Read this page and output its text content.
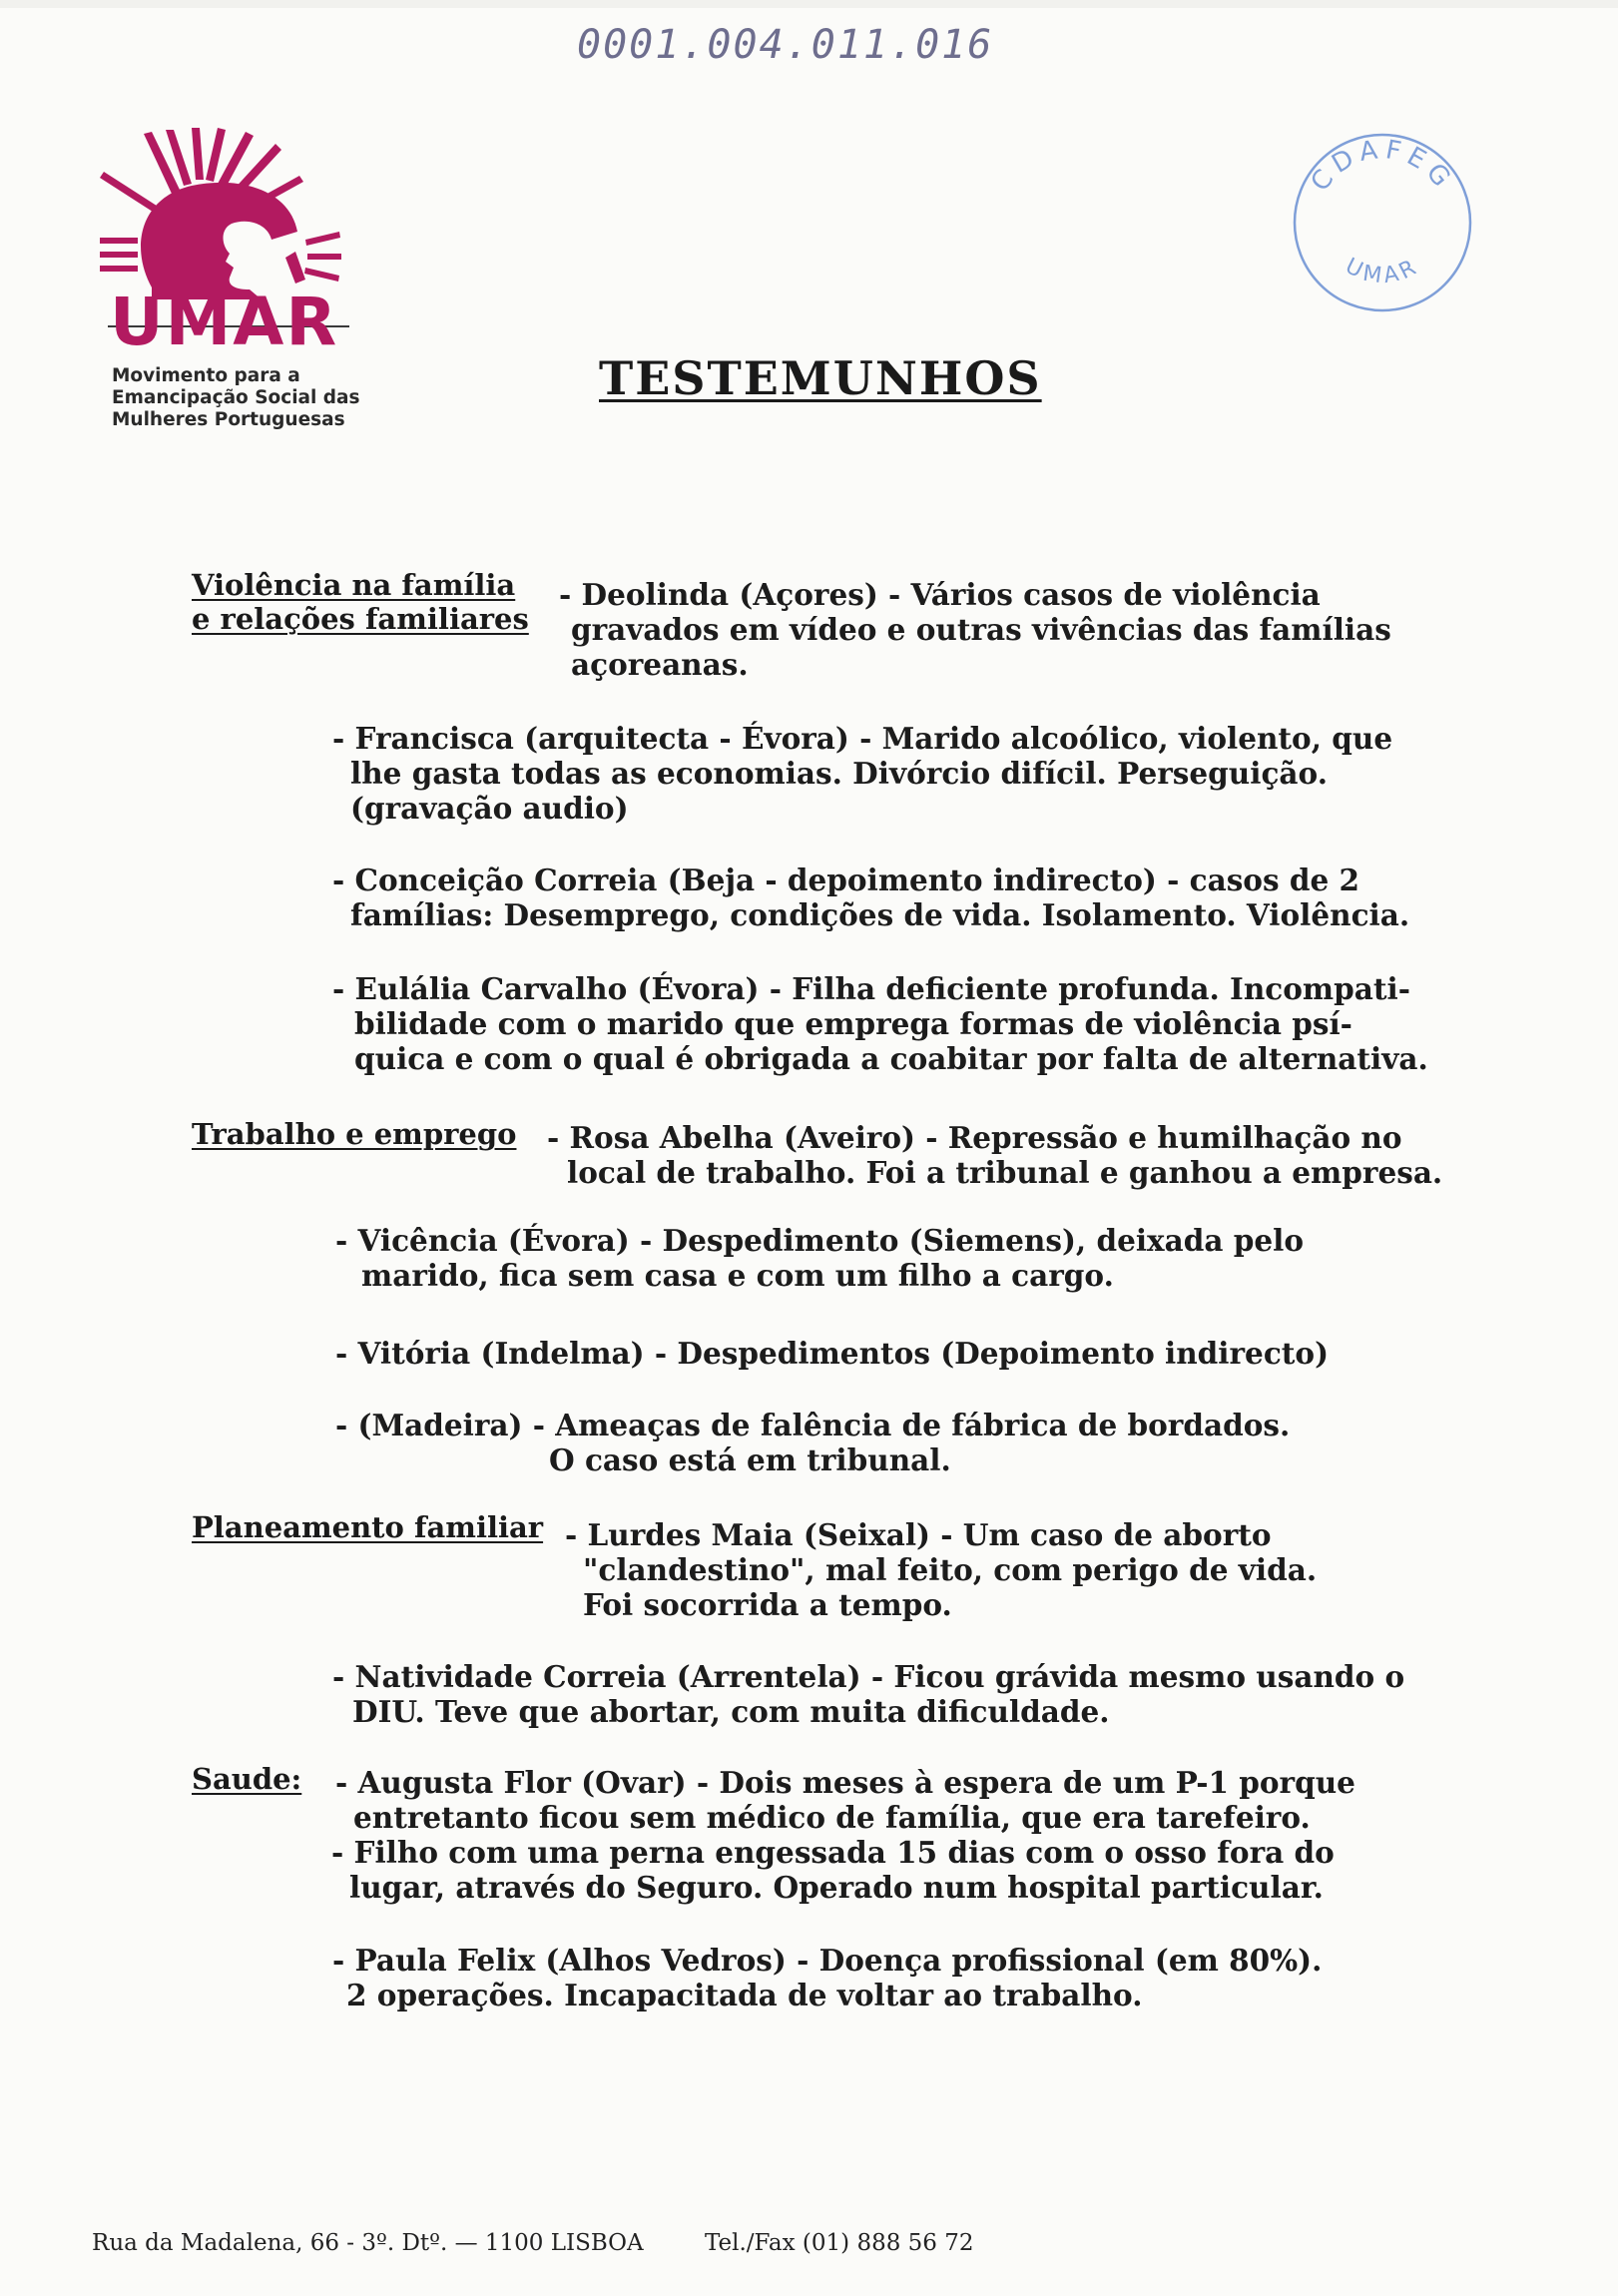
0001.004.011.016
UMAR
Movimento para a
Emancipação Social das
Mulheres Portuguesas
CDAFEG
UMAR
TESTEMUNHOS
Violência na família
e relações familiares
Trabalho e emprego
Planeamento familiar
Saude:
- Deolinda (Açores) - Vários casos de violência
gravados em vídeo e outras vivências das famílias
açoreanas.
- Francisca (arquitecta - Évora) - Marido alcoólico, violento, que
lhe gasta todas as economias. Divórcio difícil. Perseguição.
(gravação audio)
- Conceição Correia (Beja - depoimento indirecto) - casos de 2
famílias: Desemprego, condições de vida. Isolamento. Violência.
- Eulália Carvalho (Évora) - Filha deficiente profunda. Incompati-
bilidade com o marido que emprega formas de violência psí-
quica e com o qual é obrigada a coabitar por falta de alternativa.
- Rosa Abelha (Aveiro) - Repressão e humilhação no
local de trabalho. Foi a tribunal e ganhou a empresa.
- Vicência (Évora) - Despedimento (Siemens), deixada pelo
marido, fica sem casa e com um filho a cargo.
- Vitória (Indelma) - Despedimentos (Depoimento indirecto)
- (Madeira) - Ameaças de falência de fábrica de bordados.
O caso está em tribunal.
- Lurdes Maia (Seixal) - Um caso de aborto
"clandestino", mal feito, com perigo de vida.
Foi socorrida a tempo.
- Natividade Correia (Arrentela) - Ficou grávida mesmo usando o
DIU. Teve que abortar, com muita dificuldade.
- Augusta Flor (Ovar) - Dois meses à espera de um P-1 porque
entretanto ficou sem médico de família, que era tarefeiro.
- Filho com uma perna engessada 15 dias com o osso fora do
lugar, através do Seguro. Operado num hospital particular.
- Paula Felix (Alhos Vedros) - Doença profissional (em 80%).
2 operações. Incapacitada de voltar ao trabalho.
Rua da Madalena, 66 - 3º. Dtº. — 1100 LISBOA	Tel./Fax (01) 888 56 72
